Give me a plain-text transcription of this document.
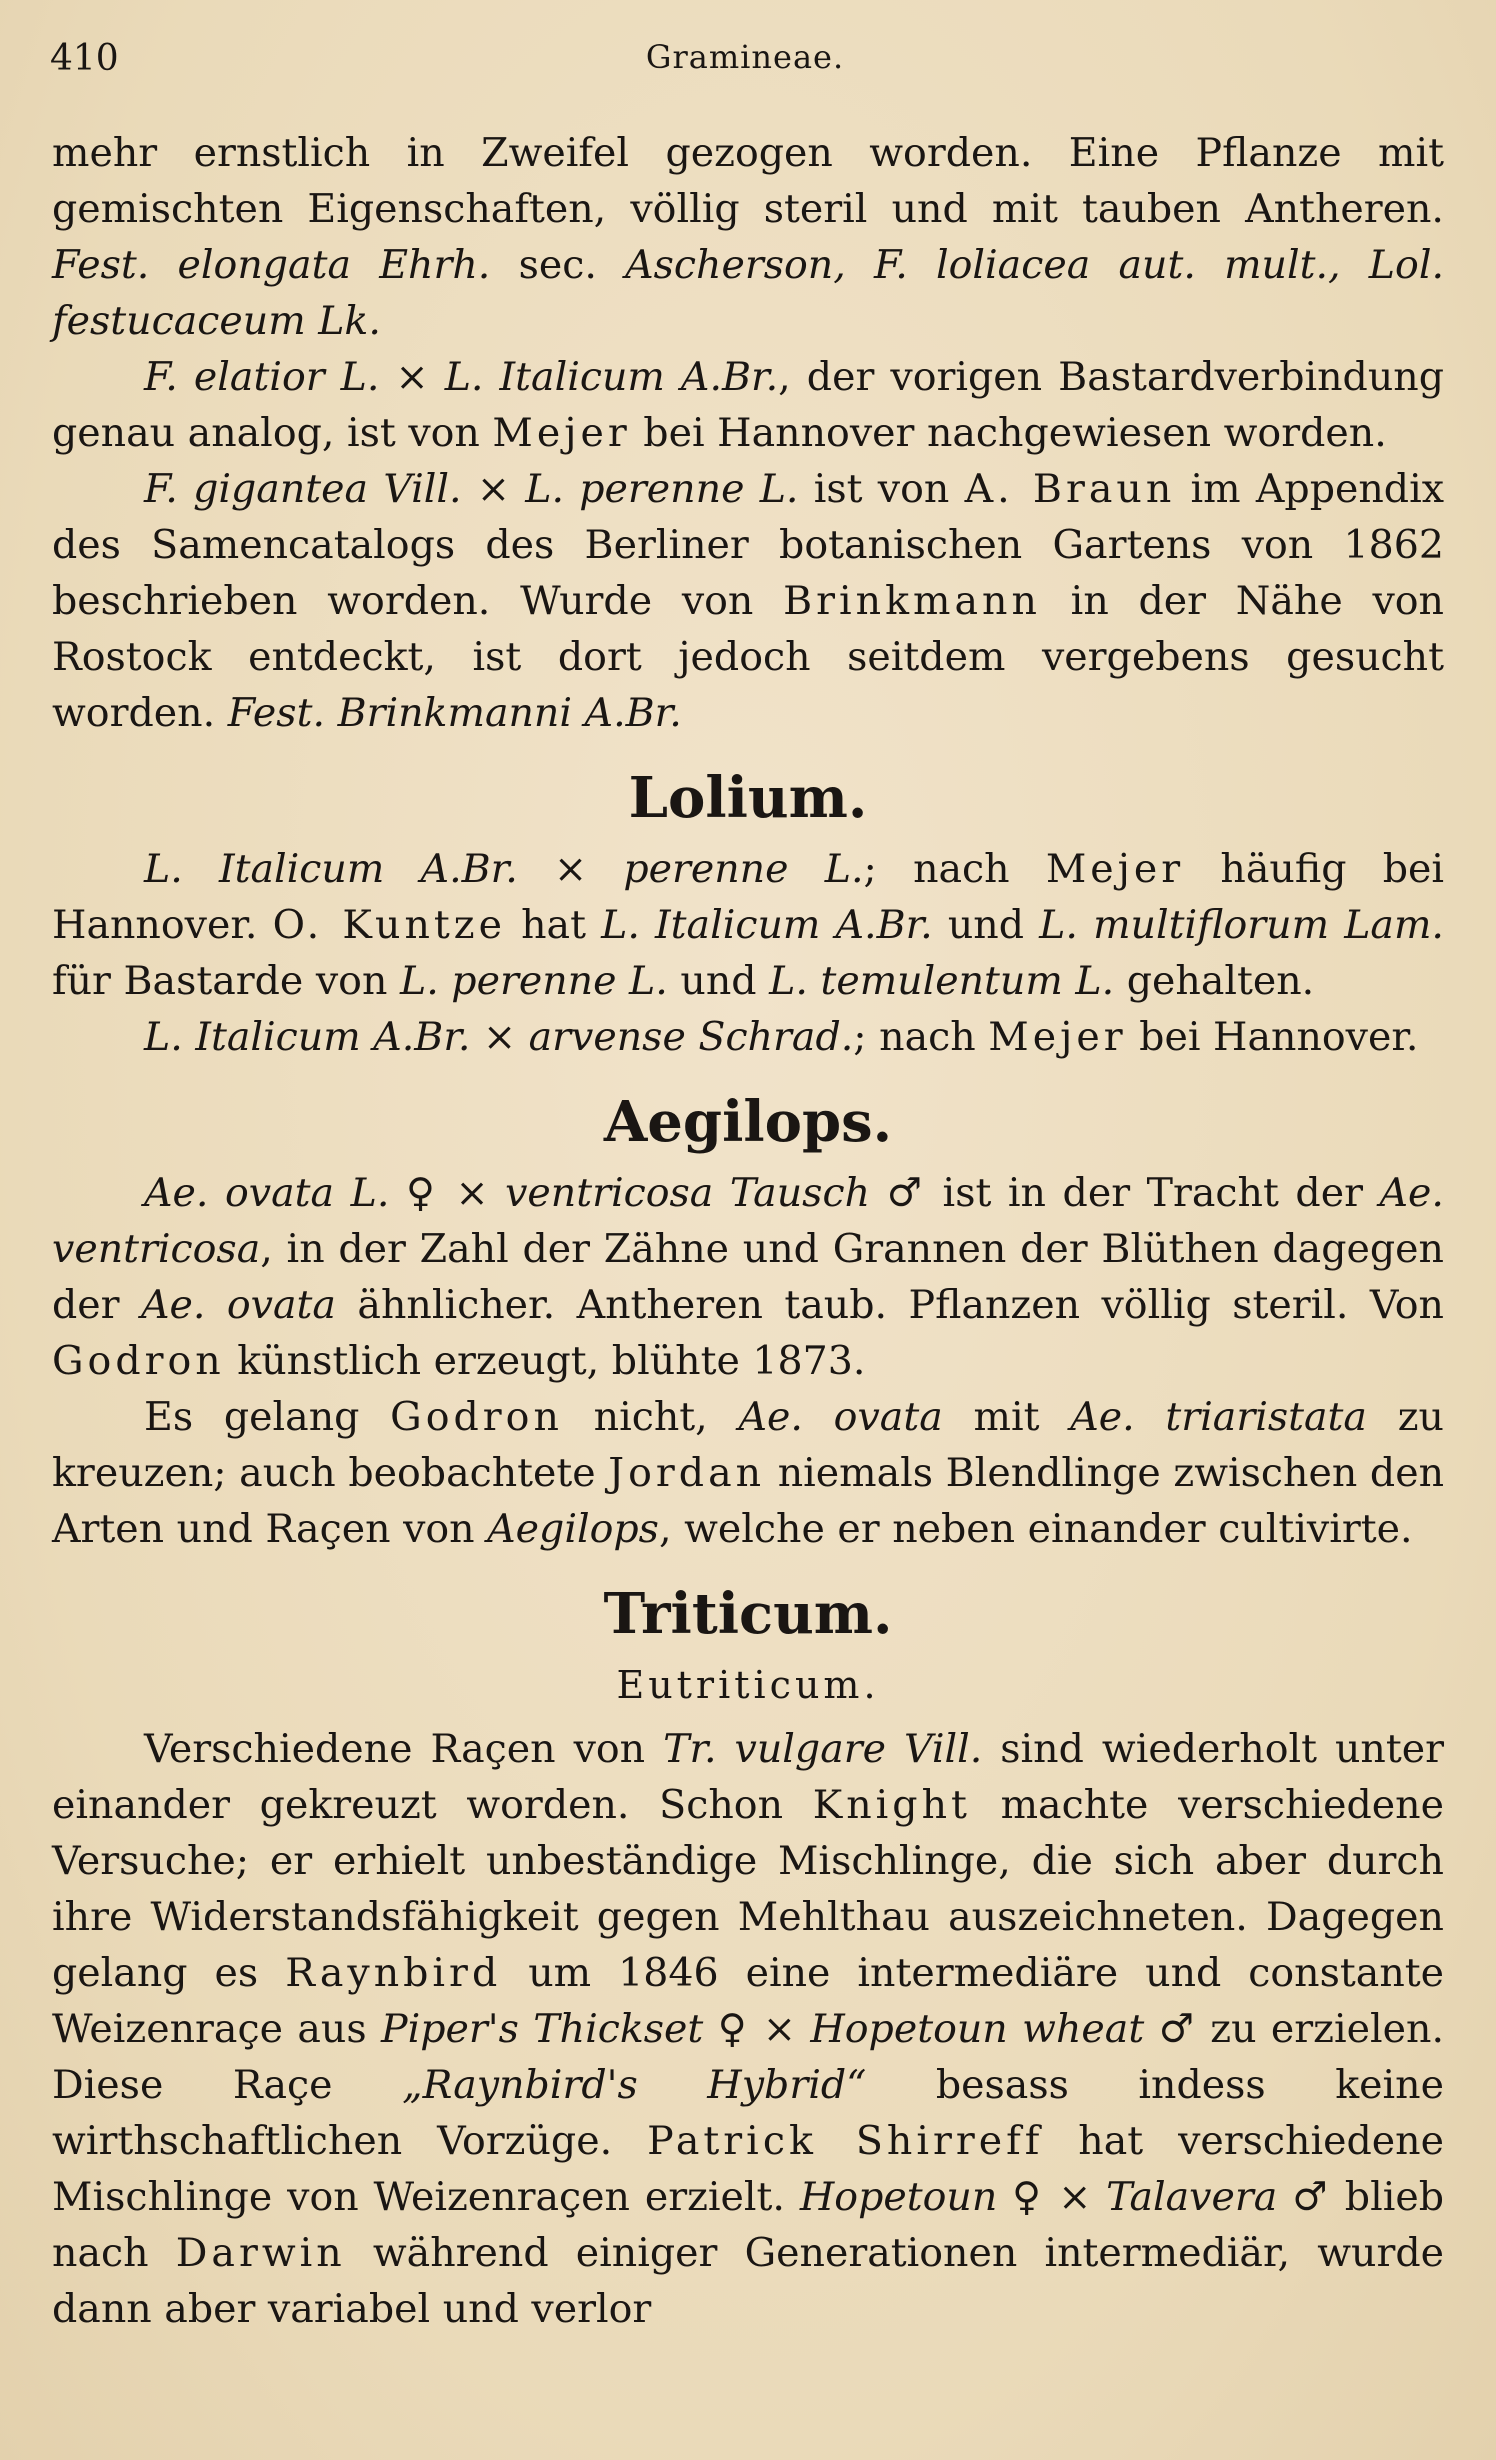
410	Gramineae.

mehr ernstlich in Zweifel gezogen worden. Eine Pflanze mit gemischten Eigenschaften, völlig steril und mit tauben Antheren. Fest. elongata Ehrh. sec. Ascherson, F. loliacea aut. mult., Lol. festucaceum Lk.

F. elatior L. × L. Italicum A.Br., der vorigen Bastardverbindung genau analog, ist von Mejer bei Hannover nachgewiesen worden.

F. gigantea Vill. × L. perenne L. ist von A. Braun im Appendix des Samencatalogs des Berliner botanischen Gartens von 1862 beschrieben worden. Wurde von Brinkmann in der Nähe von Rostock entdeckt, ist dort jedoch seitdem vergebens gesucht worden. Fest. Brinkmanni A.Br.

Lolium.

L. Italicum A.Br. × perenne L.; nach Mejer häufig bei Hannover. O. Kuntze hat L. Italicum A.Br. und L. multiflorum Lam. für Bastarde von L. perenne L. und L. temulentum L. gehalten.

L. Italicum A.Br. × arvense Schrad.; nach Mejer bei Hannover.

Aegilops.

Ae. ovata L. ♀ × ventricosa Tausch ♂ ist in der Tracht der Ae. ventricosa, in der Zahl der Zähne und Grannen der Blüthen dagegen der Ae. ovata ähnlicher. Antheren taub. Pflanzen völlig steril. Von Godron künstlich erzeugt, blühte 1873.

Es gelang Godron nicht, Ae. ovata mit Ae. triaristata zu kreuzen; auch beobachtete Jordan niemals Blendlinge zwischen den Arten und Raçen von Aegilops, welche er neben einander cultivirte.

Triticum.
Eutriticum.

Verschiedene Raçen von Tr. vulgare Vill. sind wiederholt unter einander gekreuzt worden. Schon Knight machte verschiedene Versuche; er erhielt unbeständige Mischlinge, die sich aber durch ihre Widerstandsfähigkeit gegen Mehlthau auszeichneten. Dagegen gelang es Raynbird um 1846 eine intermediäre und constante Weizenraçe aus Piper's Thickset ♀ × Hopetoun wheat ♂ zu erzielen. Diese Raçe „Raynbird's Hybrid“ besass indess keine wirthschaftlichen Vorzüge. Patrick Shirreff hat verschiedene Mischlinge von Weizenraçen erzielt. Hopetoun ♀ × Talavera ♂ blieb nach Darwin während einiger Generationen intermediär, wurde dann aber variabel und verlor
